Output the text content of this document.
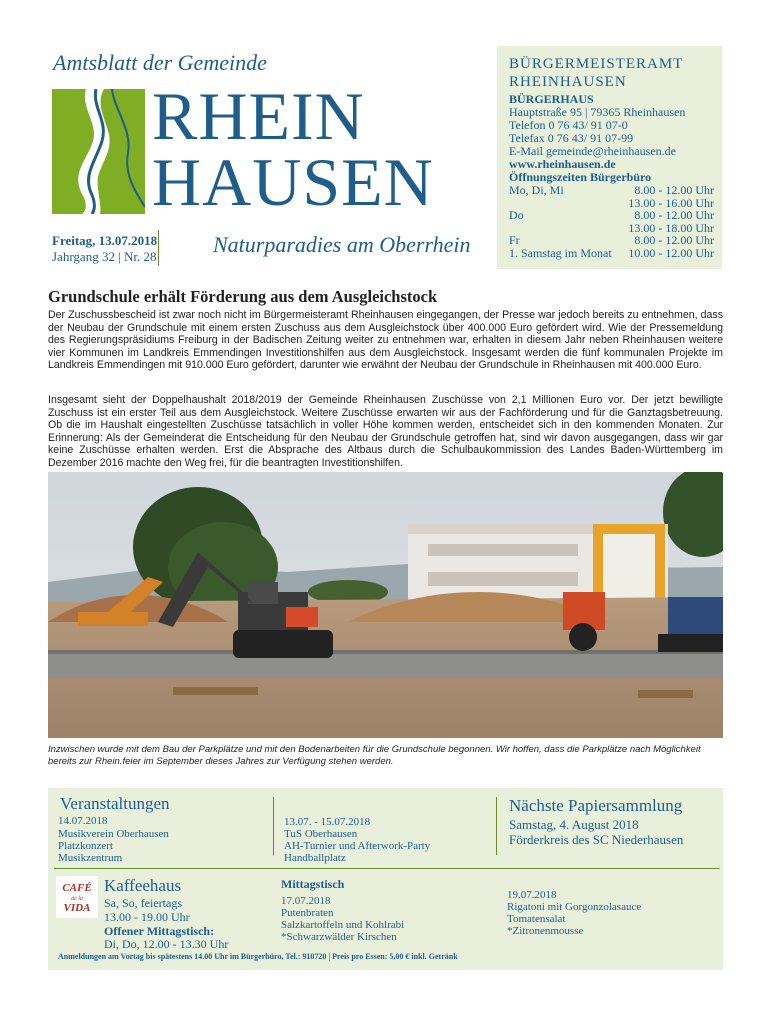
Amtsblatt der Gemeinde
RHEIN
HAUSEN
Freitag, 13.07.2018
Jahrgang 32 | Nr. 28	Naturparadies am Oberrhein
BÜRGERMEISTERAMT
RHEINHAUSEN
BÜRGERHAUS
Hauptstraße 95 | 79365 Rheinhausen
Telefon 0 76 43/ 91 07-0
Telefax 0 76 43/ 91 07-99
E-Mail gemeinde@rheinhausen.de
www.rheinhausen.de
Öffnungszeiten Bürgerbüro
Mo, Di, Mi	8.00 - 12.00 Uhr
13.00 - 16.00 Uhr
Do	8.00 - 12.00 Uhr
13.00 - 18.00 Uhr
Fr	8.00 - 12.00 Uhr
1. Samstag im Monat 10.00 - 12.00 Uhr
Grundschule erhält Förderung aus dem Ausgleichstock
Der Zuschussbescheid ist zwar noch nicht im Bürgermeisteramt Rheinhausen eingegangen, der Presse war jedoch bereits zu entnehmen, dass der Neubau der Grundschule mit einem ersten Zuschuss aus dem Ausgleichstock über 400.000 Euro gefördert wird. Wie der Pressemeldung des Regierungspräsidiums Freiburg in der Badischen Zeitung weiter zu entnehmen war, erhalten in diesem Jahr neben Rheinhausen weitere vier Kommunen im Landkreis Emmendingen Investitionshilfen aus dem Ausgleichstock. Insgesamt werden die fünf kommunalen Projekte im Landkreis Emmendingen mit 910.000 Euro gefördert, darunter wie erwähnt der Neubau der Grundschule in Rheinhausen mit 400.000 Euro.
Insgesamt sieht der Doppelhaushalt 2018/2019 der Gemeinde Rheinhausen Zuschüsse von 2,1 Millionen Euro vor. Der jetzt bewilligte Zuschuss ist ein erster Teil aus dem Ausgleichstock. Weitere Zuschüsse erwarten wir aus der Fachförderung und für die Ganztagsbetreuung. Ob die im Haushalt eingestellten Zuschüsse tatsächlich in voller Höhe kommen werden, entscheidet sich in den kommenden Monaten. Zur Erinnerung: Als der Gemeinderat die Entscheidung für den Neubau der Grundschule getroffen hat, sind wir davon ausgegangen, dass wir gar keine Zuschüsse erhalten werden. Erst die Absprache des Altbaus durch die Schulbaukommission des Landes Baden-Württemberg im Dezember 2016 machte den Weg frei, für die beantragten Investitionshilfen.
Inzwischen wurde mit dem Bau der Parkplätze und mit den Bodenarbeiten für die Grundschule begonnen. Wir hoffen, dass die Parkplätze nach Möglichkeit bereits zur Rhein.feier im September dieses Jahres zur Verfügung stehen werden.
Veranstaltungen
14.07.2018
Musikverein Oberhausen
Platzkonzert
Musikzentrum
13.07. - 15.07.2018
TuS Oberhausen
AH-Turnier und Afterwork-Party
Handballplatz
Nächste Papiersammlung
Samstag, 4. August 2018
Förderkreis des SC Niederhausen
CAFÉ
de la
VIDA
Kaffeehaus
Sa, So, feiertags
13.00 - 19.00 Uhr
Offener Mittagstisch:
Di, Do, 12.00 - 13.30 Uhr
Mittagstisch
17.07.2018
Putenbraten
Salzkartoffeln und Kohlrabi
*Schwarzwälder Kirschen
19.07.2018
Rigatoni mit Gorgonzolasauce
Tomatensalat
*Zitronenmousse
Anmeldungen am Vortag bis spätestens 14.00 Uhr im Bürgerbüro, Tel.: 910720 | Preis pro Essen: 5,00 € inkl. Getränk
